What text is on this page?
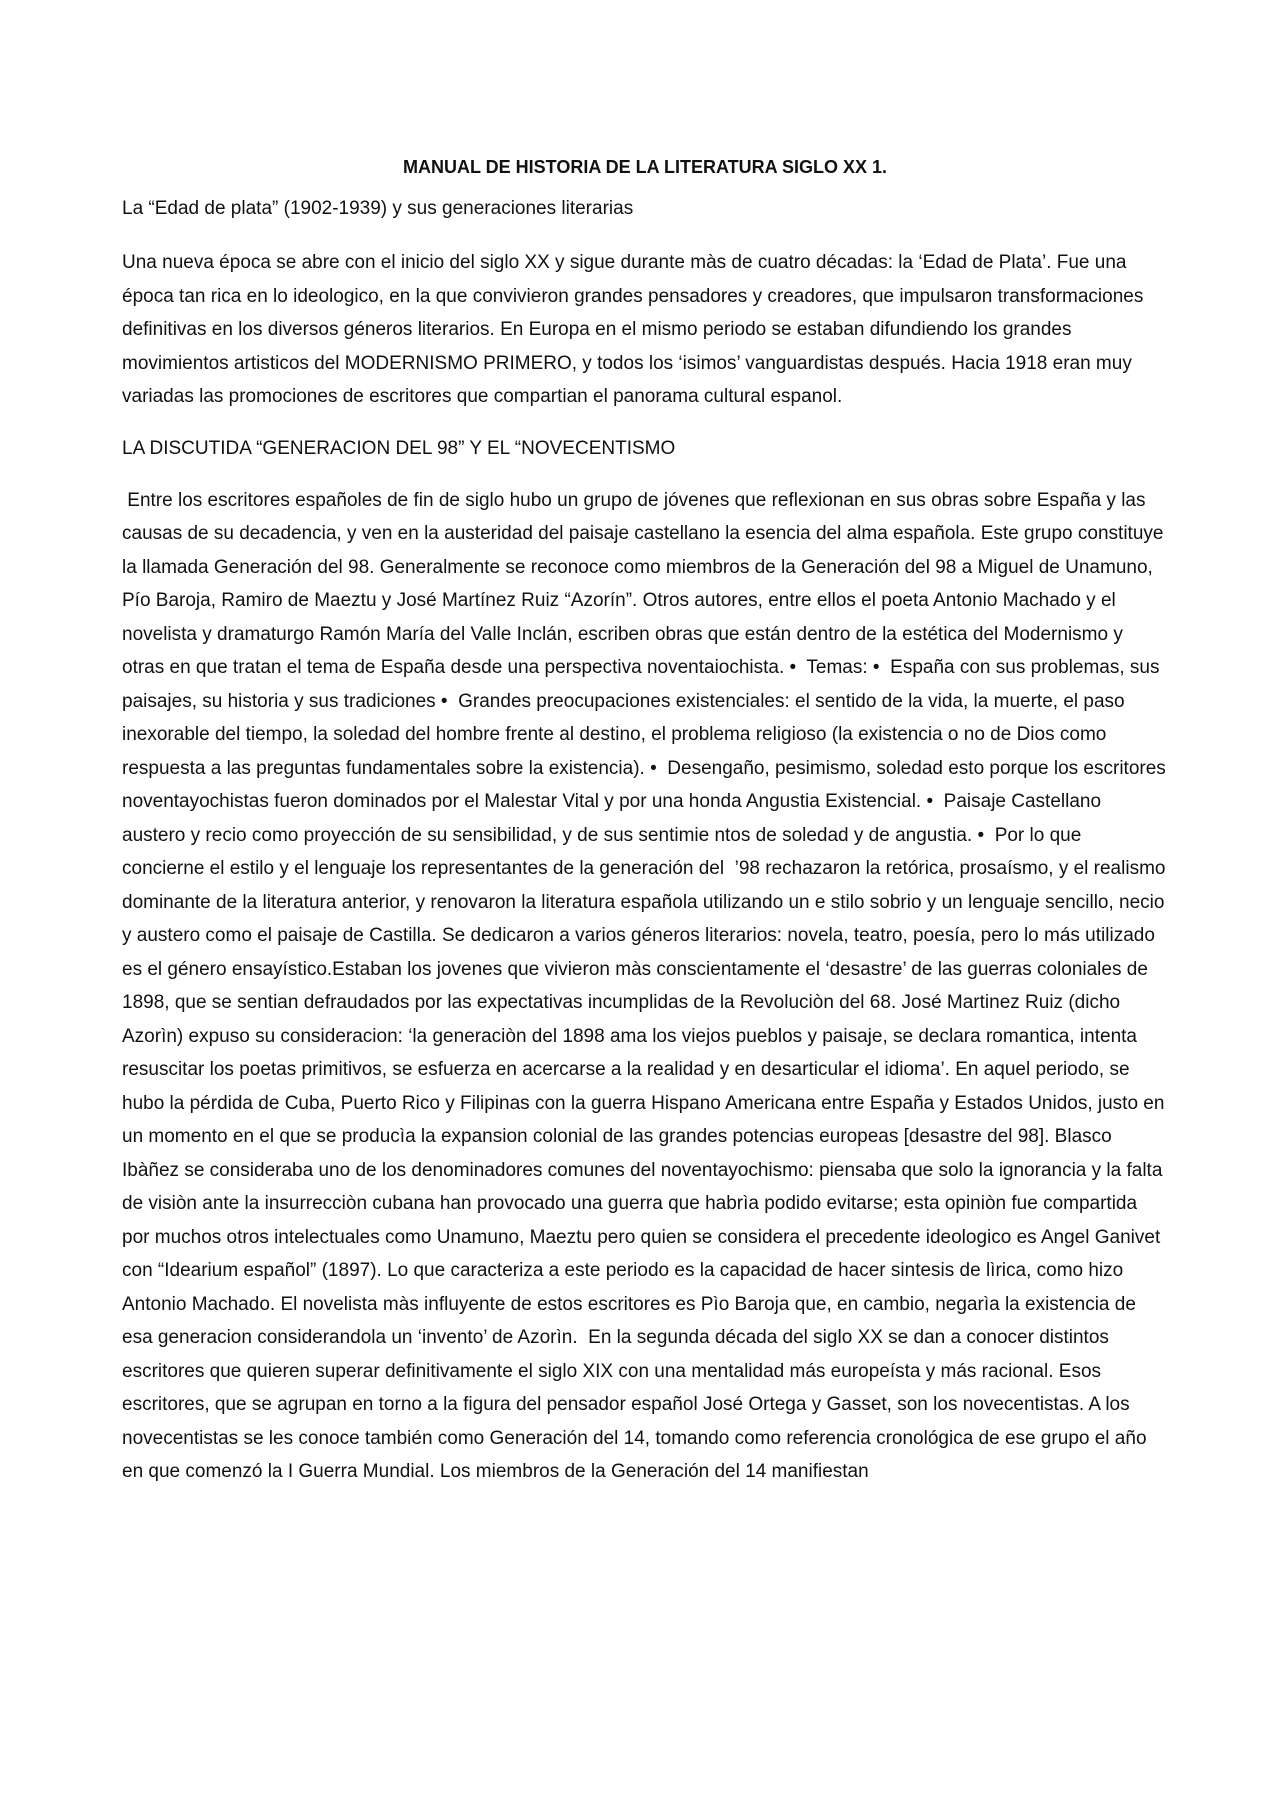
MANUAL DE HISTORIA DE LA LITERATURA SIGLO XX 1.
La “Edad de plata” (1902-1939) y sus generaciones literarias
Una nueva época se abre con el inicio del siglo XX y sigue durante màs de cuatro décadas: la ‘Edad de Plata’. Fue una época tan rica en lo ideologico, en la que convivieron grandes pensadores y creadores, que impulsaron transformaciones definitivas en los diversos géneros literarios. En Europa en el mismo periodo se estaban difundiendo los grandes movimientos artisticos del MODERNISMO PRIMERO, y todos los ‘isimos’ vanguardistas después. Hacia 1918 eran muy variadas las promociones de escritores que compartian el panorama cultural espanol.
LA DISCUTIDA “GENERACION DEL 98” Y EL “NOVECENTISMO
Entre los escritores españoles de fin de siglo hubo un grupo de jóvenes que reflexionan en sus obras sobre España y las causas de su decadencia, y ven en la austeridad del paisaje castellano la esencia del alma española. Este grupo constituye la llamada Generación del 98. Generalmente se reconoce como miembros de la Generación del 98 a Miguel de Unamuno, Pío Baroja, Ramiro de Maeztu y José Martínez Ruiz “Azorín”. Otros autores, entre ellos el poeta Antonio Machado y el novelista y dramaturgo Ramón María del Valle Inclán, escriben obras que están dentro de la estética del Modernismo y otras en que tratan el tema de España desde una perspectiva noventaiochista. •  Temas: •  España con sus problemas, sus paisajes, su historia y sus tradiciones •  Grandes preocupaciones existenciales: el sentido de la vida, la muerte, el paso inexorable del tiempo, la soledad del hombre frente al destino, el problema religioso (la existencia o no de Dios como respuesta a las preguntas fundamentales sobre la existencia). •  Desengaño, pesimismo, soledad esto porque los escritores noventayochistas fueron dominados por el Malestar Vital y por una honda Angustia Existencial. •  Paisaje Castellano austero y recio como proyección de su sensibilidad, y de sus sentimie ntos de soledad y de angustia. •  Por lo que concierne el estilo y el lenguaje los representantes de la generación del  ’98 rechazaron la retórica, prosaísmo, y el realismo dominante de la literatura anterior, y renovaron la literatura española utilizando un e stilo sobrio y un lenguaje sencillo, necio y austero como el paisaje de Castilla. Se dedicaron a varios géneros literarios: novela, teatro, poesía, pero lo más utilizado es el género ensayístico.Estaban los jovenes que vivieron màs conscientamente el ‘desastre’ de las guerras coloniales de 1898, que se sentian defraudados por las expectativas incumplidas de la Revoluciòn del 68. José Martinez Ruiz (dicho Azorìn) expuso su consideracion: ‘la generaciòn del 1898 ama los viejos pueblos y paisaje, se declara romantica, intenta resuscitar los poetas primitivos, se esfuerza en acercarse a la realidad y en desarticular el idioma’. En aquel periodo, se hubo la pérdida de Cuba, Puerto Rico y Filipinas con la guerra Hispano Americana entre España y Estados Unidos, justo en un momento en el que se producìa la expansion colonial de las grandes potencias europeas [desastre del 98]. Blasco Ibàñez se consideraba uno de los denominadores comunes del noventayochismo: piensaba que solo la ignorancia y la falta de visiòn ante la insurrecciòn cubana han provocado una guerra que habrìa podido evitarse; esta opiniòn fue compartida por muchos otros intelectuales como Unamuno, Maeztu pero quien se considera el precedente ideologico es Angel Ganivet con “Idearium español” (1897). Lo que caracteriza a este periodo es la capacidad de hacer sintesis de lìrica, como hizo Antonio Machado. El novelista màs influyente de estos escritores es Pìo Baroja que, en cambio, negarìa la existencia de esa generacion considerandola un ‘invento’ de Azorìn.  En la segunda década del siglo XX se dan a conocer distintos escritores que quieren superar definitivamente el siglo XIX con una mentalidad más europeísta y más racional. Esos escritores, que se agrupan en torno a la figura del pensador español José Ortega y Gasset, son los novecentistas. A los novecentistas se les conoce también como Generación del 14, tomando como referencia cronológica de ese grupo el año en que comenzó la I Guerra Mundial. Los miembros de la Generación del 14 manifiestan
